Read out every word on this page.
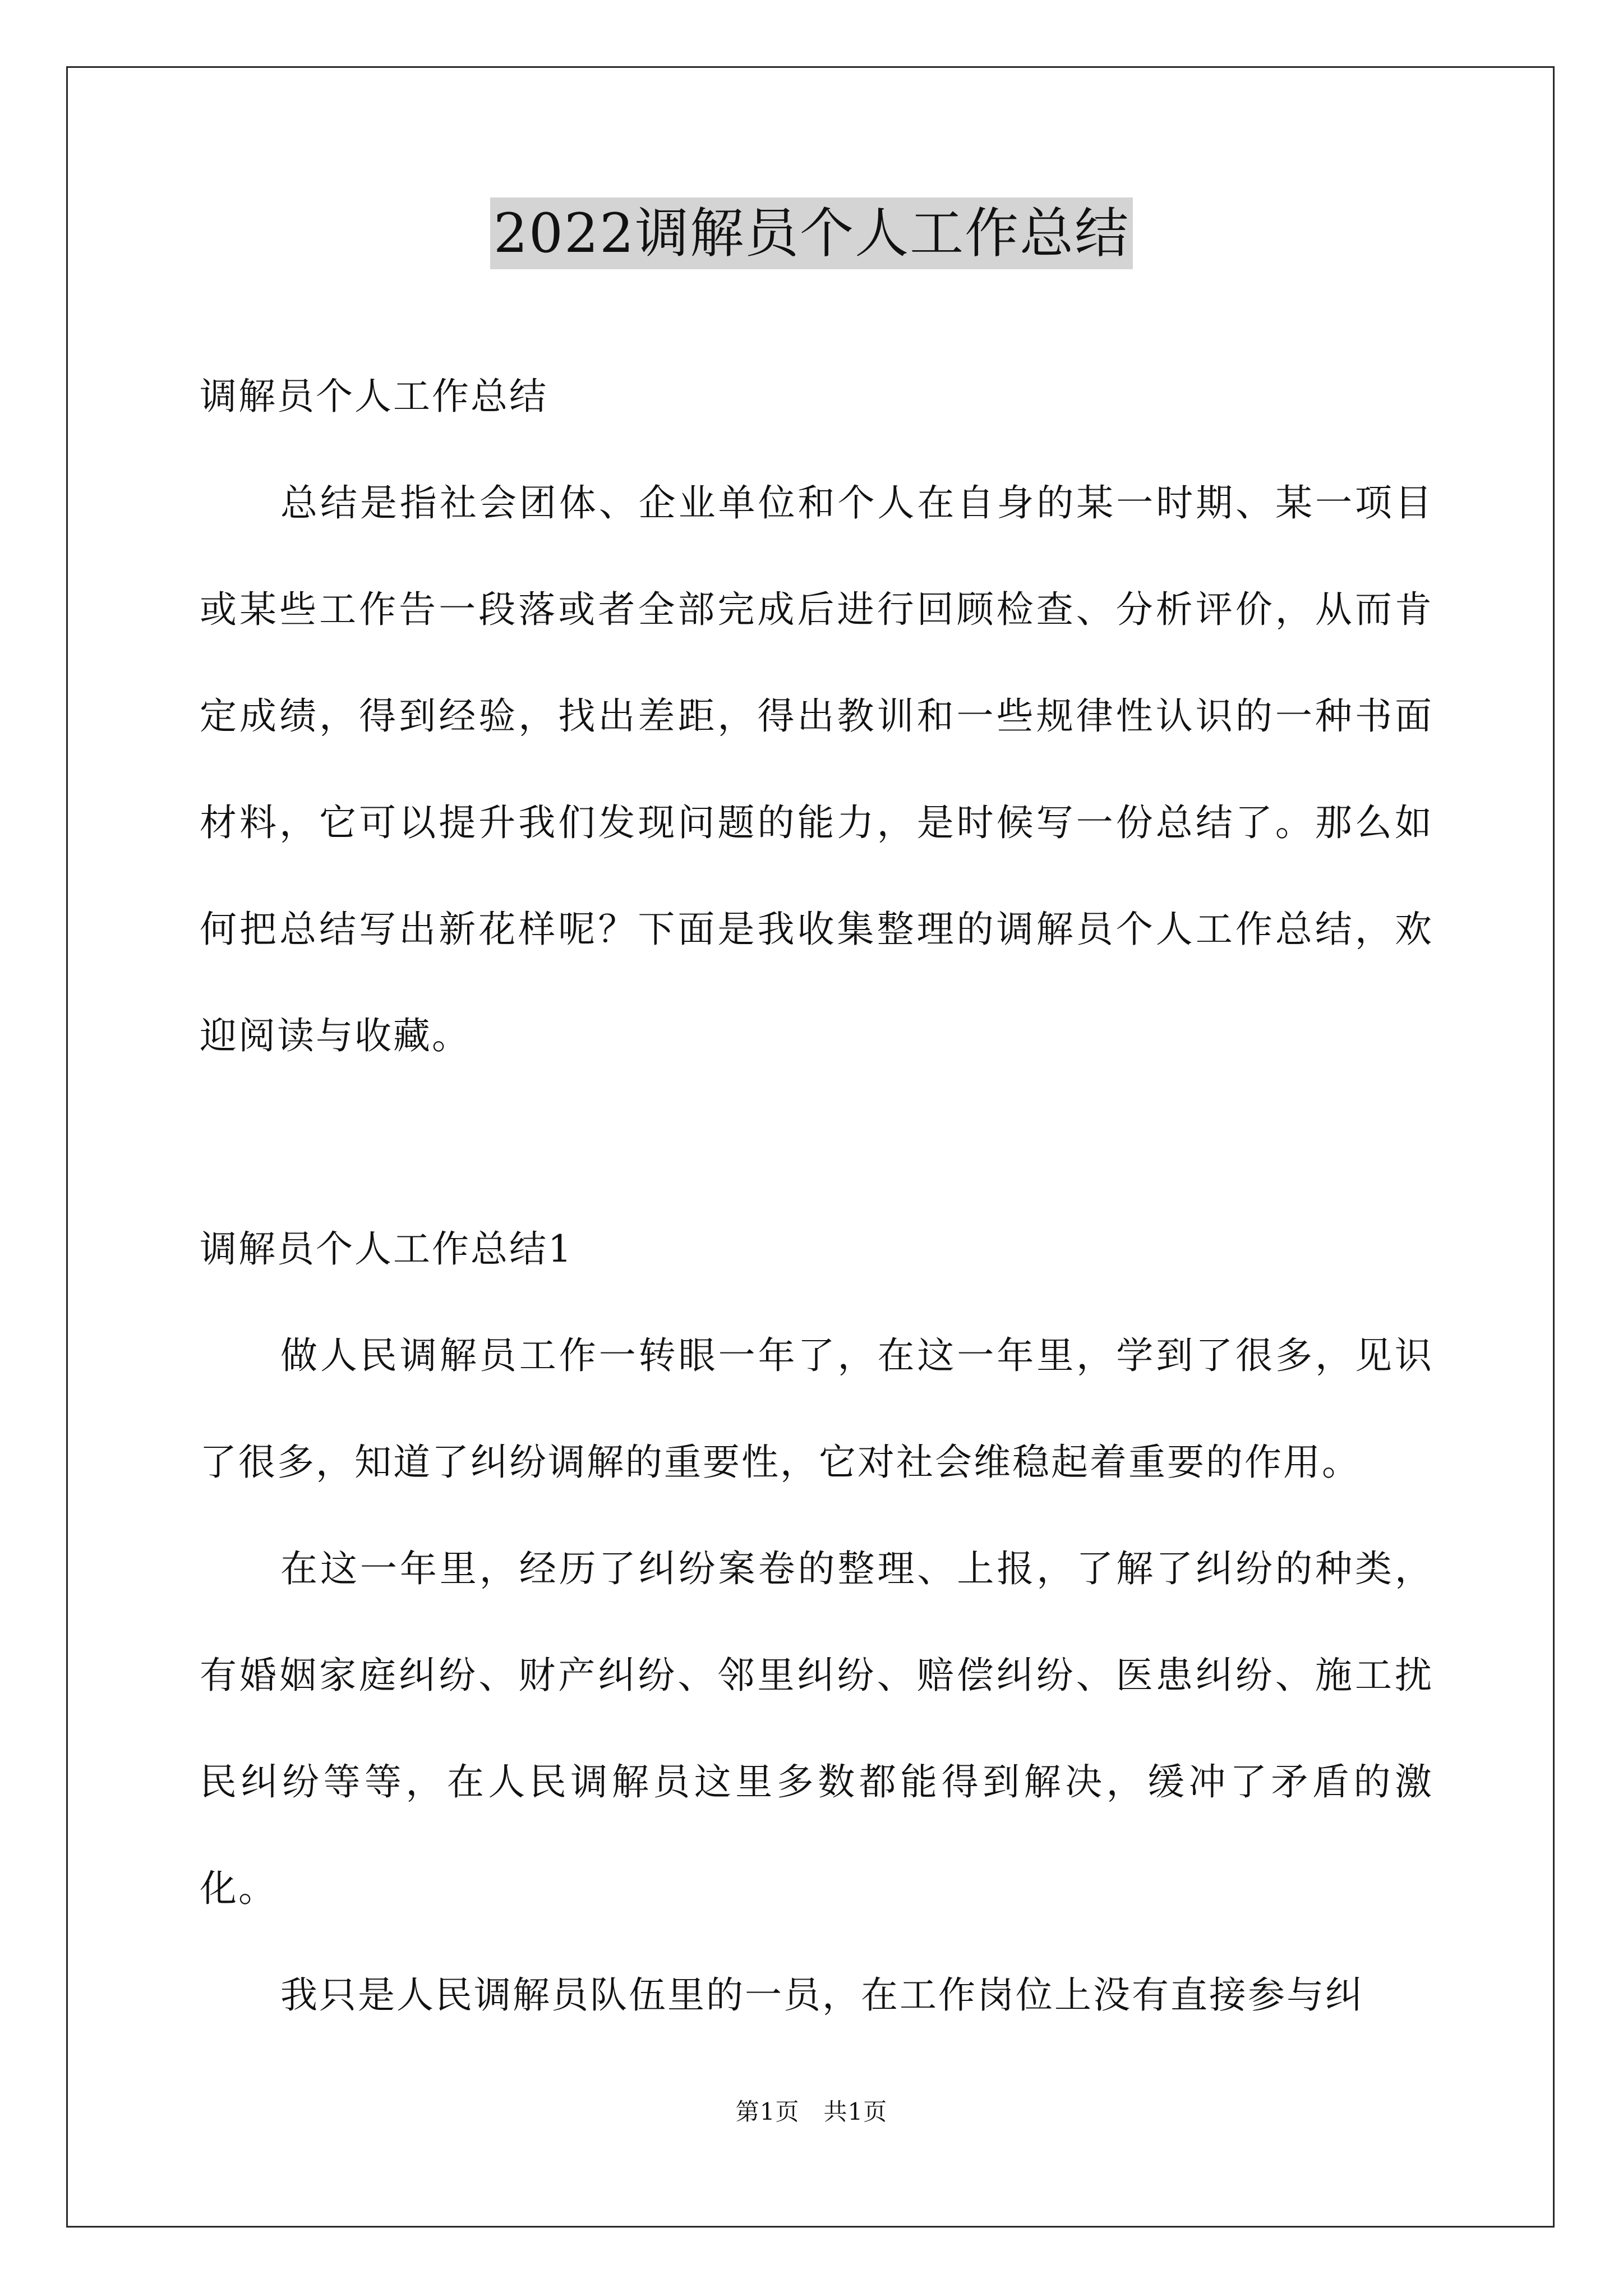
2022调解员个人工作总结

调解员个人工作总结

总结是指社会团体、企业单位和个人在自身的某一时期、某一项目或某些工作告一段落或者全部完成后进行回顾检查、分析评价，从而肯定成绩，得到经验，找出差距，得出教训和一些规律性认识的一种书面材料，它可以提升我们发现问题的能力，是时候写一份总结了。那么如何把总结写出新花样呢？下面是我收集整理的调解员个人工作总结，欢迎阅读与收藏。

调解员个人工作总结1

做人民调解员工作一转眼一年了，在这一年里，学到了很多，见识了很多，知道了纠纷调解的重要性，它对社会维稳起着重要的作用。

在这一年里，经历了纠纷案卷的整理、上报，了解了纠纷的种类，有婚姻家庭纠纷、财产纠纷、邻里纠纷、赔偿纠纷、医患纠纷、施工扰民纠纷等等，在人民调解员这里多数都能得到解决，缓冲了矛盾的激化。

我只是人民调解员队伍里的一员，在工作岗位上没有直接参与纠

第1页 共1页
